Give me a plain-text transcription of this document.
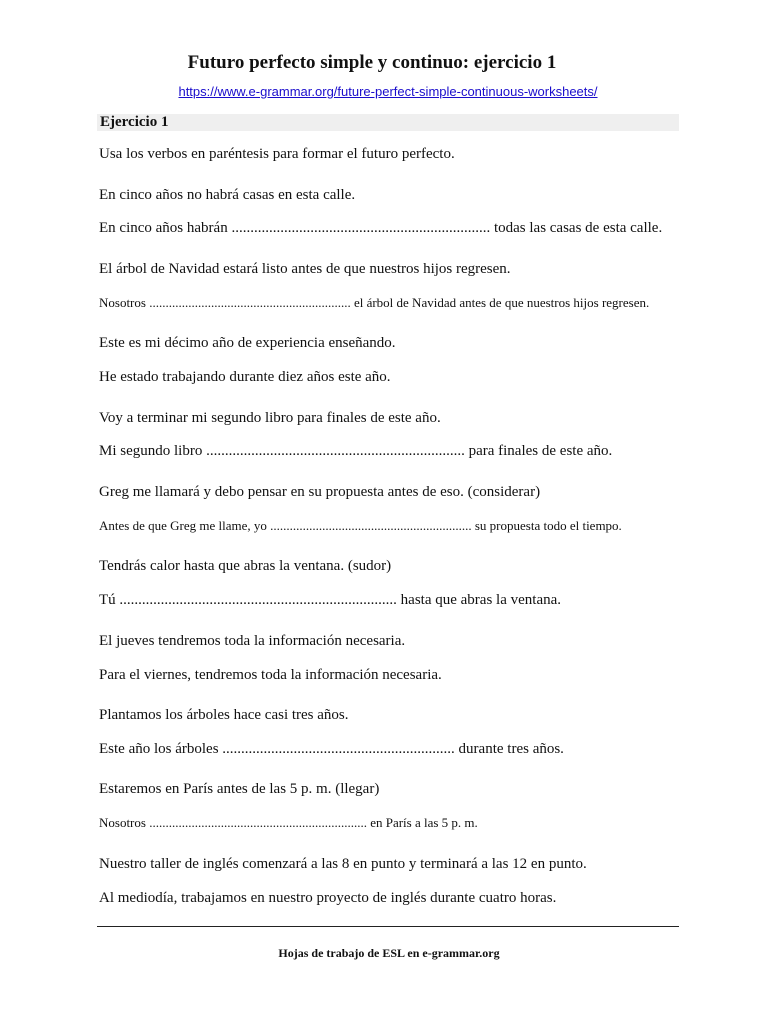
Futuro perfecto simple y continuo: ejercicio 1
https://www.e-grammar.org/future-perfect-simple-continuous-worksheets/
Ejercicio 1
Usa los verbos en paréntesis para formar el futuro perfecto.
En cinco años no habrá casas en esta calle.
En cinco años habrán ..................................................................... todas las casas de esta calle.
El árbol de Navidad estará listo antes de que nuestros hijos regresen.
Nosotros .............................................................. el árbol de Navidad antes de que nuestros hijos regresen.
Este es mi décimo año de experiencia enseñando.
He estado trabajando durante diez años este año.
Voy a terminar mi segundo libro para finales de este año.
Mi segundo libro ..................................................................... para finales de este año.
Greg me llamará y debo pensar en su propuesta antes de eso. (considerar)
Antes de que Greg me llame, yo .............................................................. su propuesta todo el tiempo.
Tendrás calor hasta que abras la ventana. (sudor)
Tú .......................................................................... hasta que abras la ventana.
El jueves tendremos toda la información necesaria.
Para el viernes, tendremos toda la información necesaria.
Plantamos los árboles hace casi tres años.
Este año los árboles .............................................................. durante tres años.
Estaremos en París antes de las 5 p. m. (llegar)
Nosotros ................................................................... en París a las 5 p. m.
Nuestro taller de inglés comenzará a las 8 en punto y terminará a las 12 en punto.
Al mediodía, trabajamos en nuestro proyecto de inglés durante cuatro horas.
Hojas de trabajo de ESL en e-grammar.org
